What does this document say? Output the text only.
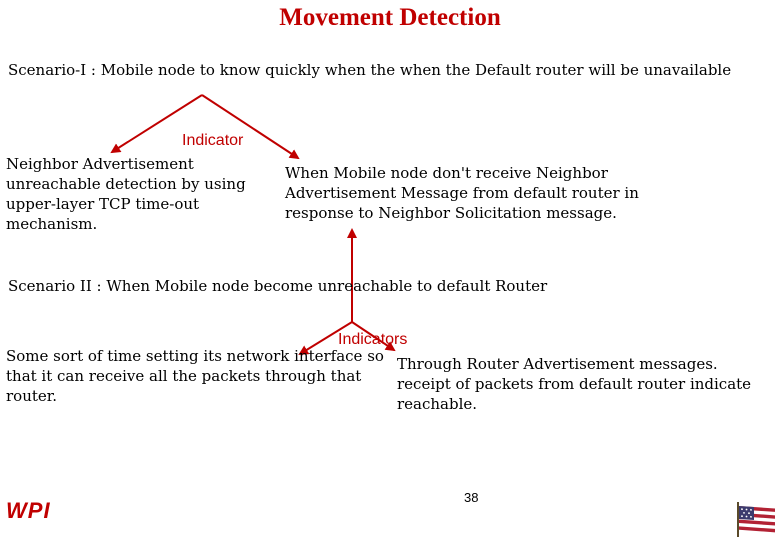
Movement Detection
Scenario-I : Mobile node to know quickly when the when the Default router will be unavailable
Indicator
Neighbor Advertisement
unreachable detection by using
upper-layer TCP time-out
mechanism.
When Mobile node don't receive Neighbor
Advertisement Message from default router in
response to Neighbor Solicitation message.
Scenario II : When Mobile node become unreachable to default Router
Indicators
Some sort of time setting its network interface so
that it can receive all the packets through that
router.
Through Router Advertisement messages.
receipt of packets from default router indicate
reachable.
WPI
38
